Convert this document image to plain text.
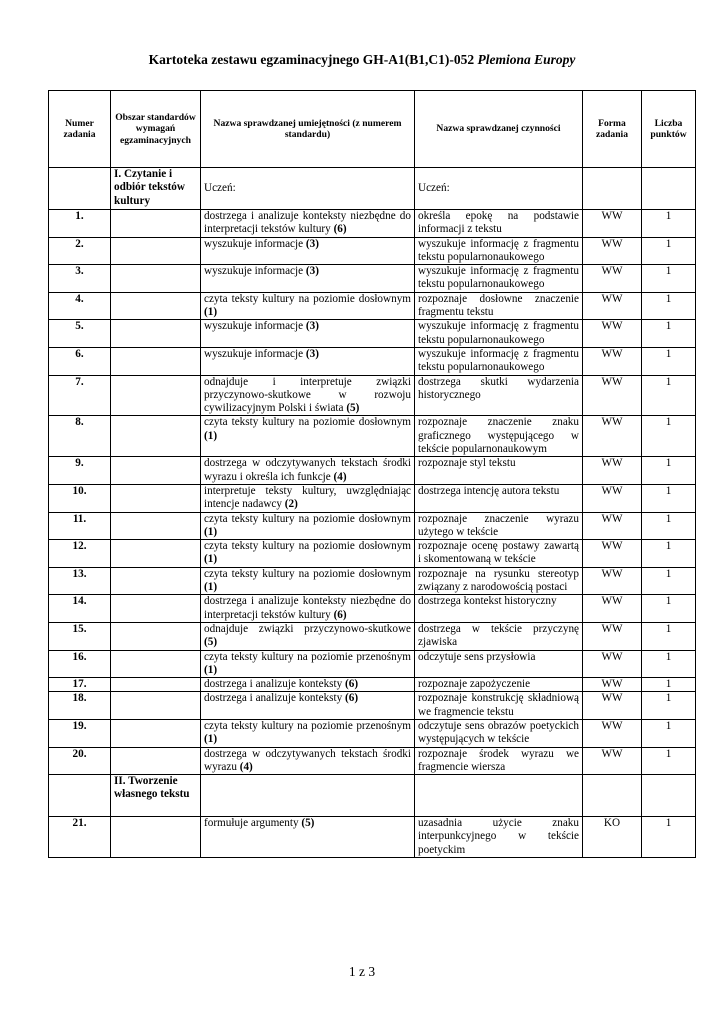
Kartoteka zestawu egzaminacyjnego GH-A1(B1,C1)-052 Plemiona Europy
Numer zadania	Obszar standardów wymagań egzaminacyjnych	Nazwa sprawdzanej umiejętności (z numerem standardu)	Nazwa sprawdzanej czynności	Forma zadania	Liczba punktów
	I. Czytanie i odbiór tekstów kultury	Uczeń:	Uczeń:		
1.		dostrzega i analizuje konteksty niezbędne do interpretacji tekstów kultury (6)	określa epokę na podstawie informacji z tekstu	WW	1
2.		wyszukuje informacje (3)	wyszukuje informację z fragmentu tekstu popularnonaukowego	WW	1
3.		wyszukuje informacje (3)	wyszukuje informację z fragmentu tekstu popularnonaukowego	WW	1
4.		czyta teksty kultury na poziomie dosłownym (1)	rozpoznaje dosłowne znaczenie fragmentu tekstu	WW	1
5.		wyszukuje informacje (3)	wyszukuje informację z fragmentu tekstu popularnonaukowego	WW	1
6.		wyszukuje informacje (3)	wyszukuje informację z fragmentu tekstu popularnonaukowego	WW	1
7.		odnajduje i interpretuje związki przyczynowo-skutkowe w rozwoju cywilizacyjnym Polski i świata (5)	dostrzega skutki wydarzenia historycznego	WW	1
8.		czyta teksty kultury na poziomie dosłownym (1)	rozpoznaje znaczenie znaku graficznego występującego w tekście popularnonaukowym	WW	1
9.		dostrzega w odczytywanych tekstach środki wyrazu i określa ich funkcje (4)	rozpoznaje styl tekstu	WW	1
10.		interpretuje teksty kultury, uwzględniając intencje nadawcy (2)	dostrzega intencję autora tekstu	WW	1
11.		czyta teksty kultury na poziomie dosłownym (1)	rozpoznaje znaczenie wyrazu użytego w tekście	WW	1
12.		czyta teksty kultury na poziomie dosłownym (1)	rozpoznaje ocenę postawy zawartą i skomentowaną w tekście	WW	1
13.		czyta teksty kultury na poziomie dosłownym (1)	rozpoznaje na rysunku stereotyp związany z narodowością postaci	WW	1
14.		dostrzega i analizuje konteksty niezbędne do interpretacji tekstów kultury (6)	dostrzega kontekst historyczny	WW	1
15.		odnajduje związki przyczynowo-skutkowe (5)	dostrzega w tekście przyczynę zjawiska	WW	1
16.		czyta teksty kultury na poziomie przenośnym (1)	odczytuje sens przysłowia	WW	1
17.		dostrzega i analizuje konteksty (6)	rozpoznaje zapożyczenie	WW	1
18.		dostrzega i analizuje konteksty (6)	rozpoznaje konstrukcję składniową we fragmencie tekstu	WW	1
19.		czyta teksty kultury na poziomie przenośnym (1)	odczytuje sens obrazów poetyckich występujących w tekście	WW	1
20.		dostrzega w odczytywanych tekstach środki wyrazu (4)	rozpoznaje środek wyrazu we fragmencie wiersza	WW	1
	II. Tworzenie własnego tekstu				
21.		formułuje argumenty (5)	uzasadnia użycie znaku interpunkcyjnego w tekście poetyckim	KO	1
1 z 3
